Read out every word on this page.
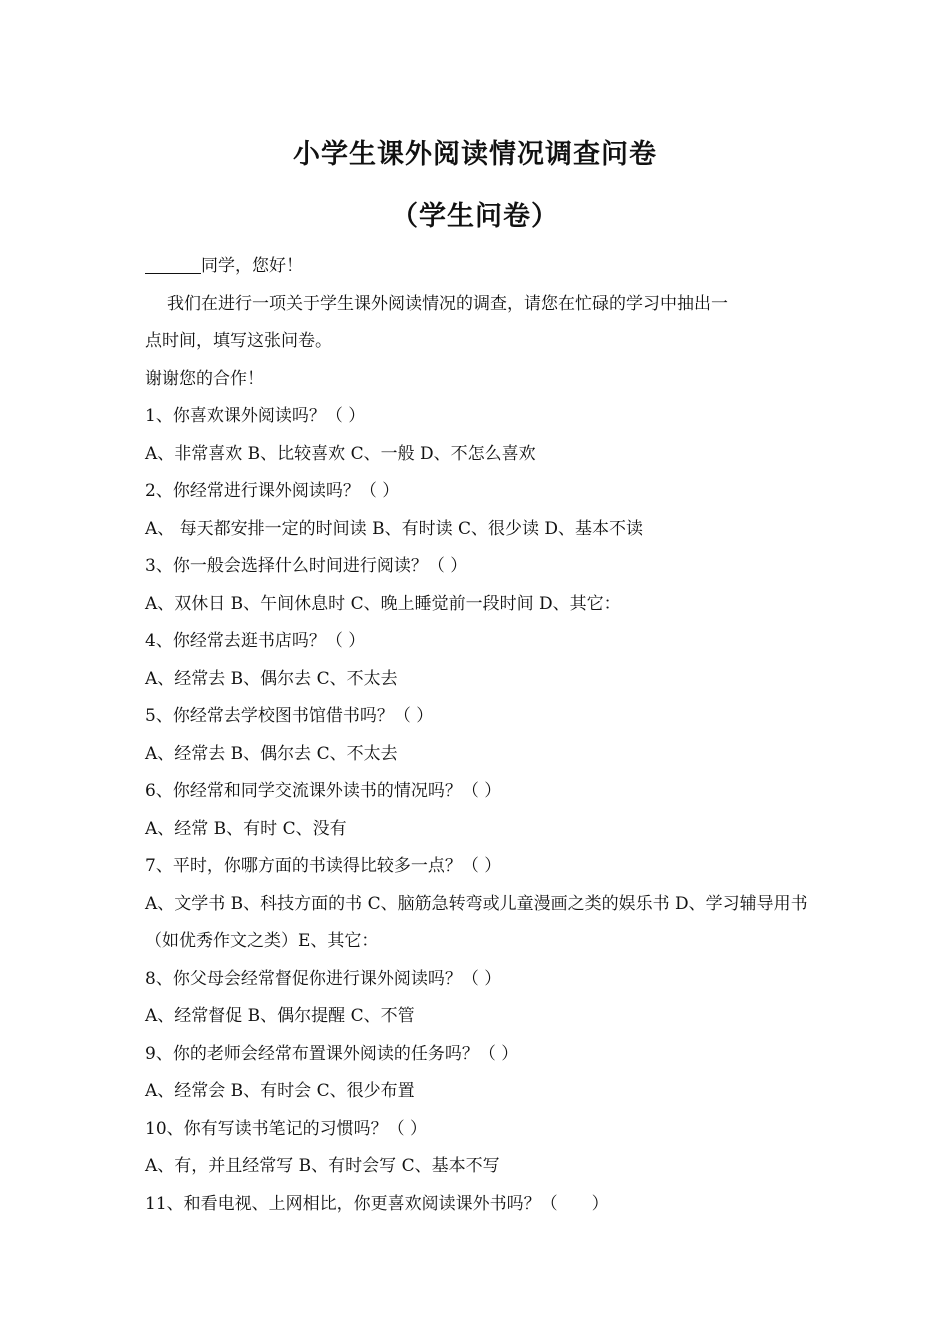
小学生课外阅读情况调查问卷
（学生问卷）
同学，您好！
我们在进行一项关于学生课外阅读情况的调查，请您在忙碌的学习中抽出一
点时间，填写这张问卷。
谢谢您的合作！
1、你喜欢课外阅读吗？（ ）
A、非常喜欢 B、比较喜欢 C、一般 D、不怎么喜欢
2、你经常进行课外阅读吗？（ ）
A、 每天都安排一定的时间读 B、有时读 C、很少读 D、基本不读
3、你一般会选择什么时间进行阅读？（ ）
A、双休日 B、午间休息时 C、晚上睡觉前一段时间 D、其它：
4、你经常去逛书店吗？（ ）
A、经常去 B、偶尔去 C、不太去
5、你经常去学校图书馆借书吗？（ ）
A、经常去 B、偶尔去 C、不太去
6、你经常和同学交流课外读书的情况吗？（ ）
A、经常 B、有时 C、没有
7、平时，你哪方面的书读得比较多一点？（ ）
A、文学书 B、科技方面的书 C、脑筋急转弯或儿童漫画之类的娱乐书 D、学习辅导用书（如优秀作文之类）E、其它：
8、你父母会经常督促你进行课外阅读吗？（ ）
A、经常督促 B、偶尔提醒 C、不管
9、你的老师会经常布置课外阅读的任务吗？（ ）
A、经常会 B、有时会 C、很少布置
10、你有写读书笔记的习惯吗？（ ）
A、有，并且经常写 B、有时会写 C、基本不写
11、和看电视、上网相比，你更喜欢阅读课外书吗？（　　）
